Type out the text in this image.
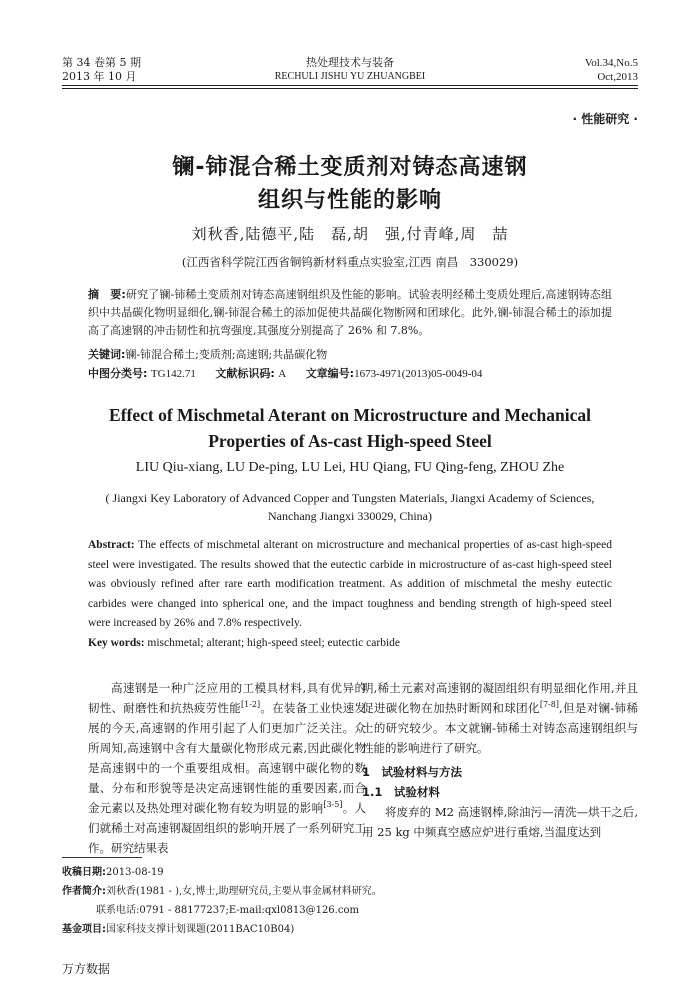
第 34 卷第 5 期
2013 年 10 月
热处理技术与装备
RECHULI JISHU YU ZHUANGBEI
Vol.34,No.5
Oct,2013
· 性能研究 ·
镧-铈混合稀土变质剂对铸态高速钢
组织与性能的影响
刘秋香,陆德平,陆　磊,胡　强,付青峰,周　喆
(江西省科学院江西省铜钨新材料重点实验室,江西 南昌　330029)
摘　要:研究了镧-铈稀土变质剂对铸态高速钢组织及性能的影响。试验表明经稀土变质处理后,高速钢铸态组织中共晶碳化物明显细化,镧-铈混合稀土的添加促使共晶碳化物断网和团球化。此外,镧-铈混合稀土的添加提高了高速钢的冲击韧性和抗弯强度,其强度分别提高了 26% 和 7.8%。
关键词:镧-铈混合稀土;变质剂;高速钢;共晶碳化物
中图分类号: TG142.71 文献标识码: A 文章编号:1673-4971(2013)05-0049-04
Effect of Mischmetal Aterant on Microstructure and Mechanical
Properties of As-cast High-speed Steel
LIU Qiu-xiang, LU De-ping, LU Lei, HU Qiang, FU Qing-feng, ZHOU Zhe
( Jiangxi Key Laboratory of Advanced Copper and Tungsten Materials, Jiangxi Academy of Sciences,
Nanchang Jiangxi 330029, China)
Abstract: The effects of mischmetal alterant on microstructure and mechanical properties of as-cast high-speed steel were investigated. The results showed that the eutectic carbide in microstructure of as-cast high-speed steel was obviously refined after rare earth modification treatment. As addition of mischmetal the meshy eutectic carbides were changed into spherical one, and the impact toughness and bending strength of high-speed steel were increased by 26% and 7.8% respectively.
Key words: mischmetal; alterant; high-speed steel; eutectic carbide

高速钢是一种广泛应用的工模具材料,具有优异的韧性、耐磨性和抗热疲劳性能[1-2]。在装备工业快速发展的今天,高速钢的作用引起了人们更加广泛关注。众所周知,高速钢中含有大量碳化物形成元素,因此碳化物是高速钢中的一个重要组成相。高速钢中碳化物的数量、分布和形貌等是决定高速钢性能的重要因素,而合金元素以及热处理对碳化物有较为明显的影响[3-5]。人们就稀土对高速钢凝固组织的影响开展了一系列研究工作。研究结果表

明,稀土元素对高速钢的凝固组织有明显细化作用,并且促进碳化物在加热时断网和球团化[7-8],但是对镧-铈稀土的研究较少。本文就镧-铈稀土对铸态高速钢组织与性能的影响进行了研究。

1　试验材料与方法
1.1　试验材料

将废弃的 M2 高速钢棒,除油污—清洗—烘干之后,用 25 kg 中频真空感应炉进行重熔,当温度达到

收稿日期:2013-08-19
作者简介:刘秋香(1981 - ),女,博士,助理研究员,主要从事金属材料研究。
联系电话:0791 - 88177237;E-mail:qxl0813@126.com
基金项目:国家科技支撑计划课题(2011BAC10B04)
万方数据
